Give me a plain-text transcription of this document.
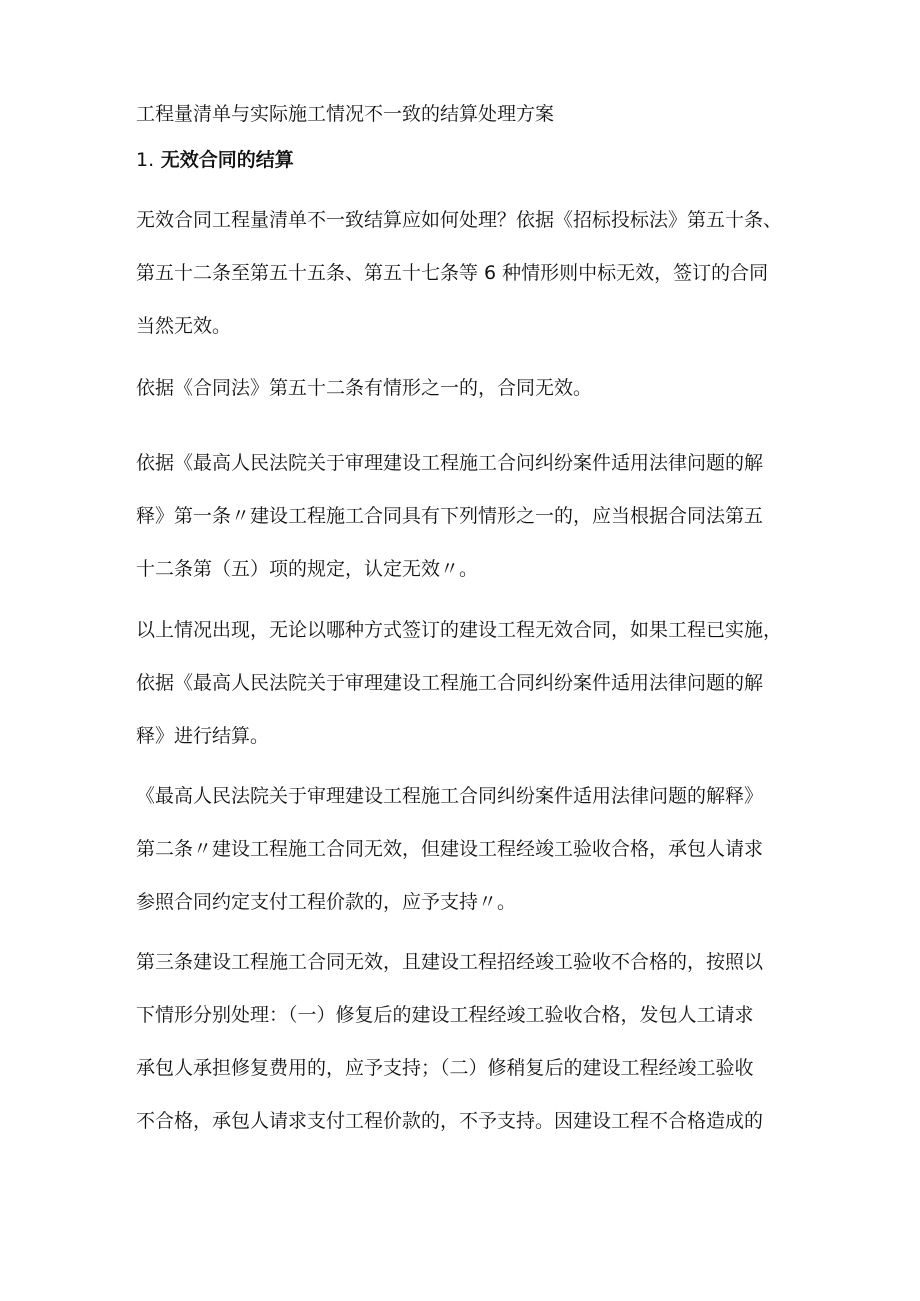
工程量清单与实际施工情况不一致的结算处理方案
1. 无效合同的结算

无效合同工程量清单不一致结算应如何处理？依据《招标投标法》第五十条、
第五十二条至第五十五条、第五十七条等 6 种情形则中标无效，签订的合同
当然无效。

依据《合同法》第五十二条有情形之一的，合同无效。

依据《最高人民法院关于审理建设工程施工合问纠纷案件适用法律问题的解
释》第一条〃建设工程施工合同具有下列情形之一的，应当根据合同法第五
十二条第（五）项的规定，认定无效〃。

以上情况出现，无论以哪种方式签订的建设工程无效合同，如果工程已实施，
依据《最高人民法院关于审理建设工程施工合同纠纷案件适用法律问题的解
释》进行结算。

《最高人民法院关于审理建设工程施工合同纠纷案件适用法律问题的解释》
第二条〃建设工程施工合同无效，但建设工程经竣工验收合格，承包人请求
参照合同约定支付工程价款的，应予支持〃。

第三条建设工程施工合同无效，且建设工程招经竣工验收不合格的，按照以
下情形分别处理：（一）修复后的建设工程经竣工验收合格，发包人工请求
承包人承担修复费用的，应予支持；（二）修稍复后的建设工程经竣工验收
不合格，承包人请求支付工程价款的，不予支持。因建设工程不合格造成的
